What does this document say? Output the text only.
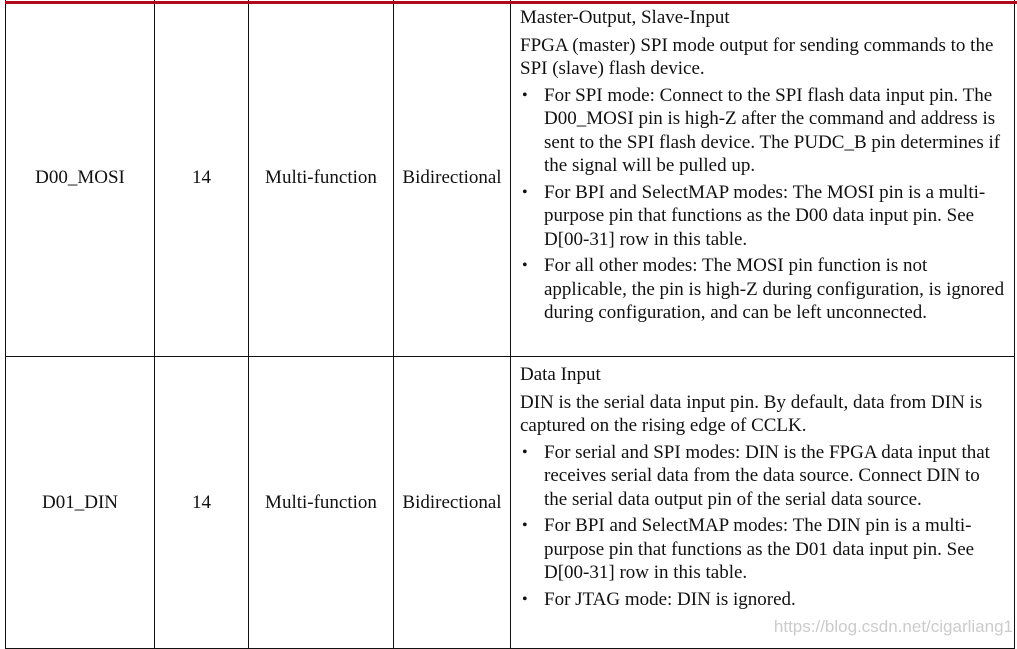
D00_MOSI	14	Multi-function	Bidirectional	
Master-Output, Slave-Input
FPGA (master) SPI mode output for sending commands to the SPI (slave) flash device.
• For SPI mode: Connect to the SPI flash data input pin. The D00_MOSI pin is high-Z after the command and address is sent to the SPI flash device. The PUDC_B pin determines if the signal will be pulled up.
• For BPI and SelectMAP modes: The MOSI pin is a multi-purpose pin that functions as the D00 data input pin. See D[00-31] row in this table.
• For all other modes: The MOSI pin function is not applicable, the pin is high-Z during configuration, is ignored during configuration, and can be left unconnected.

D01_DIN	14	Multi-function	Bidirectional	
Data Input
DIN is the serial data input pin. By default, data from DIN is captured on the rising edge of CCLK.
• For serial and SPI modes: DIN is the FPGA data input that receives serial data from the data source. Connect DIN to the serial data output pin of the serial data source.
• For BPI and SelectMAP modes: The DIN pin is a multi-purpose pin that functions as the D01 data input pin. See D[00-31] row in this table.
• For JTAG mode: DIN is ignored.
https://blog.csdn.net/cigarliang1
